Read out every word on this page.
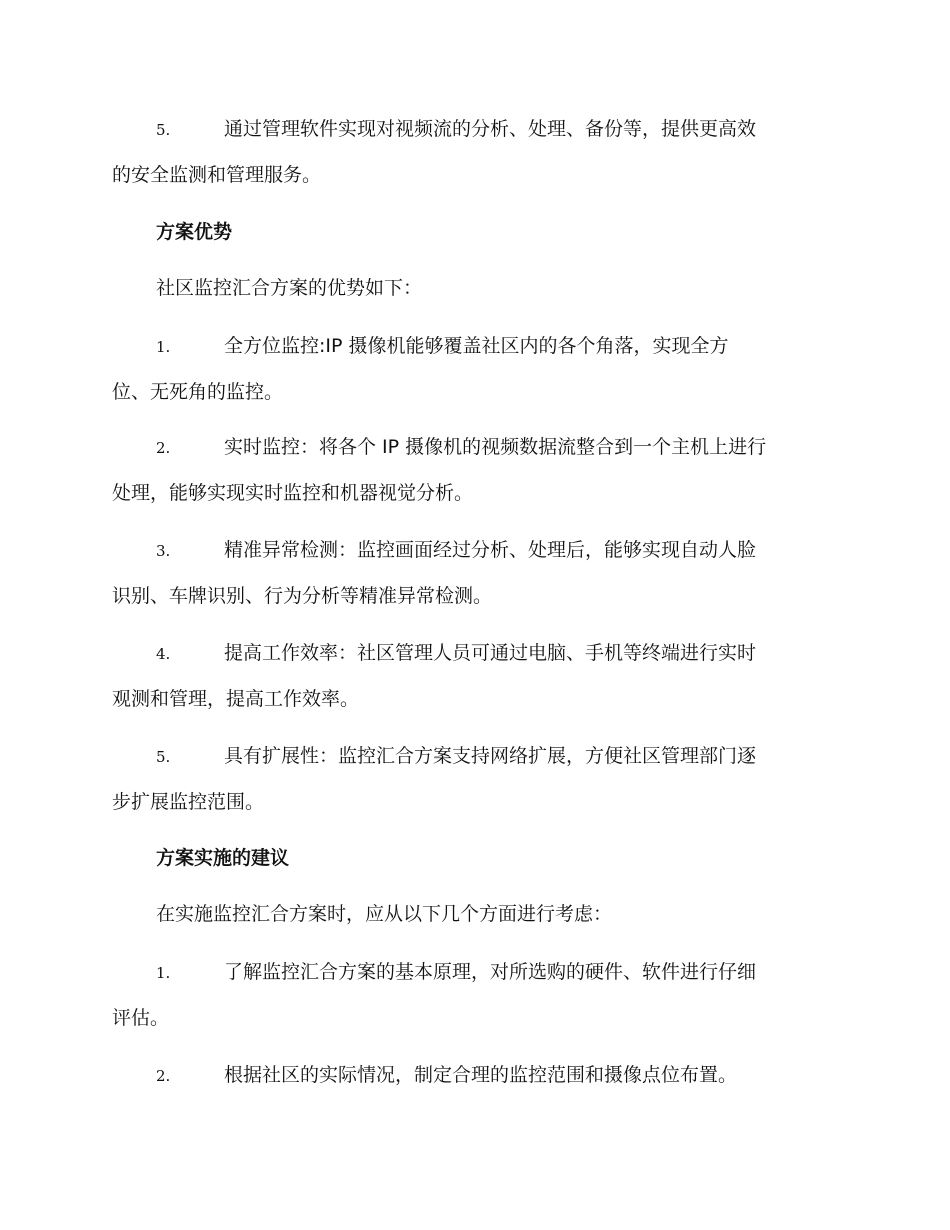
5.	通过管理软件实现对视频流的分析、处理、备份等，提供更高效
的安全监测和管理服务。
方案优势
社区监控汇合方案的优势如下：
1.	全方位监控:IP 摄像机能够覆盖社区内的各个角落，实现全方
位、无死角的监控。
2.	实时监控：将各个 IP 摄像机的视频数据流整合到一个主机上进行
处理，能够实现实时监控和机器视觉分析。
3.	精准异常检测：监控画面经过分析、处理后，能够实现自动人脸
识别、车牌识别、行为分析等精准异常检测。
4.	提高工作效率：社区管理人员可通过电脑、手机等终端进行实时
观测和管理，提高工作效率。
5.	具有扩展性：监控汇合方案支持网络扩展，方便社区管理部门逐
步扩展监控范围。
方案实施的建议
在实施监控汇合方案时，应从以下几个方面进行考虑：
1.	了解监控汇合方案的基本原理，对所选购的硬件、软件进行仔细
评估。
2.	根据社区的实际情况，制定合理的监控范围和摄像点位布置。
